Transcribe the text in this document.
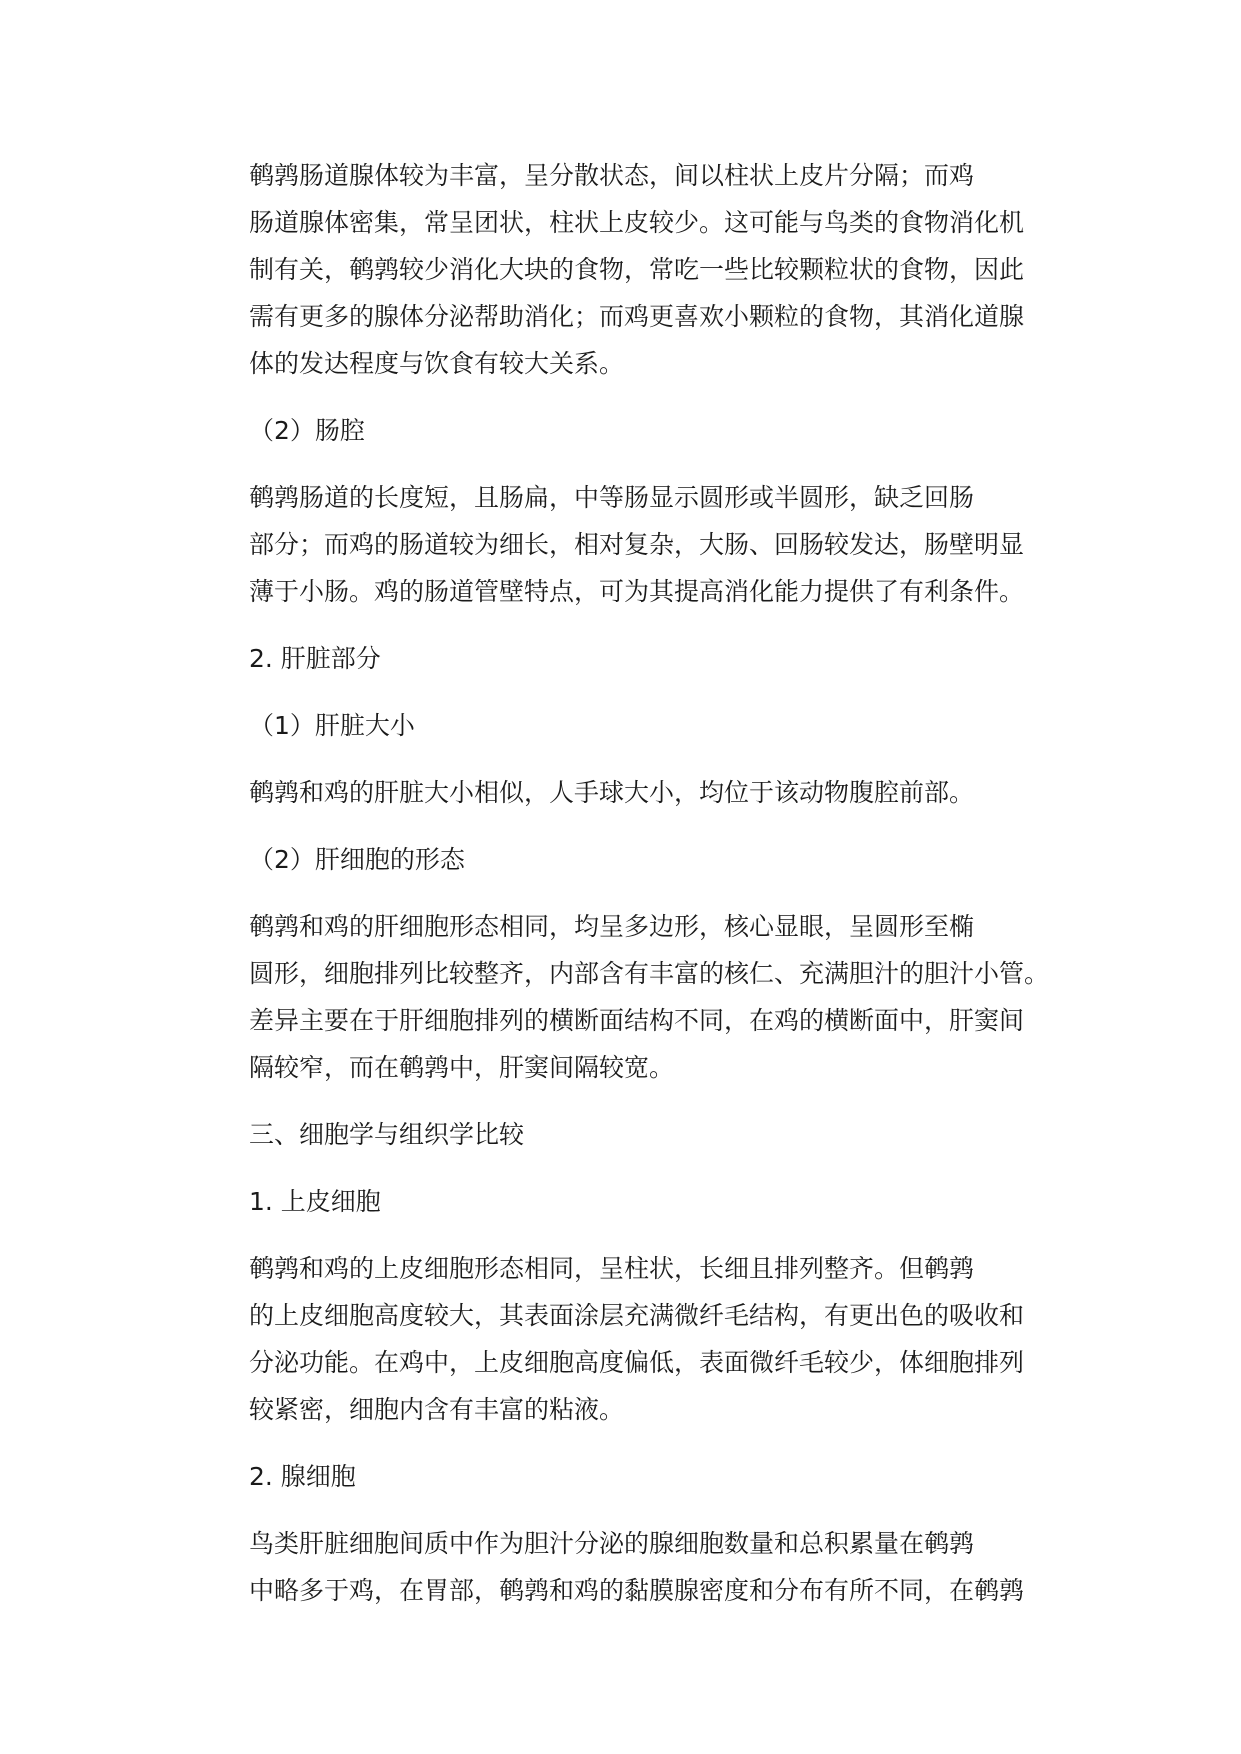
鹌鹑肠道腺体较为丰富，呈分散状态，间以柱状上皮片分隔；而鸡
肠道腺体密集，常呈团状，柱状上皮较少。这可能与鸟类的食物消化机
制有关，鹌鹑较少消化大块的食物，常吃一些比较颗粒状的食物，因此
需有更多的腺体分泌帮助消化；而鸡更喜欢小颗粒的食物，其消化道腺
体的发达程度与饮食有较大关系。
（2）肠腔
鹌鹑肠道的长度短，且肠扁，中等肠显示圆形或半圆形，缺乏回肠
部分；而鸡的肠道较为细长，相对复杂，大肠、回肠较发达，肠壁明显
薄于小肠。鸡的肠道管壁特点，可为其提高消化能力提供了有利条件。
2. 肝脏部分
（1）肝脏大小
鹌鹑和鸡的肝脏大小相似，人手球大小，均位于该动物腹腔前部。
（2）肝细胞的形态
鹌鹑和鸡的肝细胞形态相同，均呈多边形，核心显眼，呈圆形至椭
圆形，细胞排列比较整齐，内部含有丰富的核仁、充满胆汁的胆汁小管。
差异主要在于肝细胞排列的横断面结构不同，在鸡的横断面中，肝窦间
隔较窄，而在鹌鹑中，肝窦间隔较宽。
三、细胞学与组织学比较
1. 上皮细胞
鹌鹑和鸡的上皮细胞形态相同，呈柱状，长细且排列整齐。但鹌鹑
的上皮细胞高度较大，其表面涂层充满微纤毛结构，有更出色的吸收和
分泌功能。在鸡中，上皮细胞高度偏低，表面微纤毛较少，体细胞排列
较紧密，细胞内含有丰富的粘液。
2. 腺细胞
鸟类肝脏细胞间质中作为胆汁分泌的腺细胞数量和总积累量在鹌鹑
中略多于鸡，在胃部，鹌鹑和鸡的黏膜腺密度和分布有所不同，在鹌鹑
